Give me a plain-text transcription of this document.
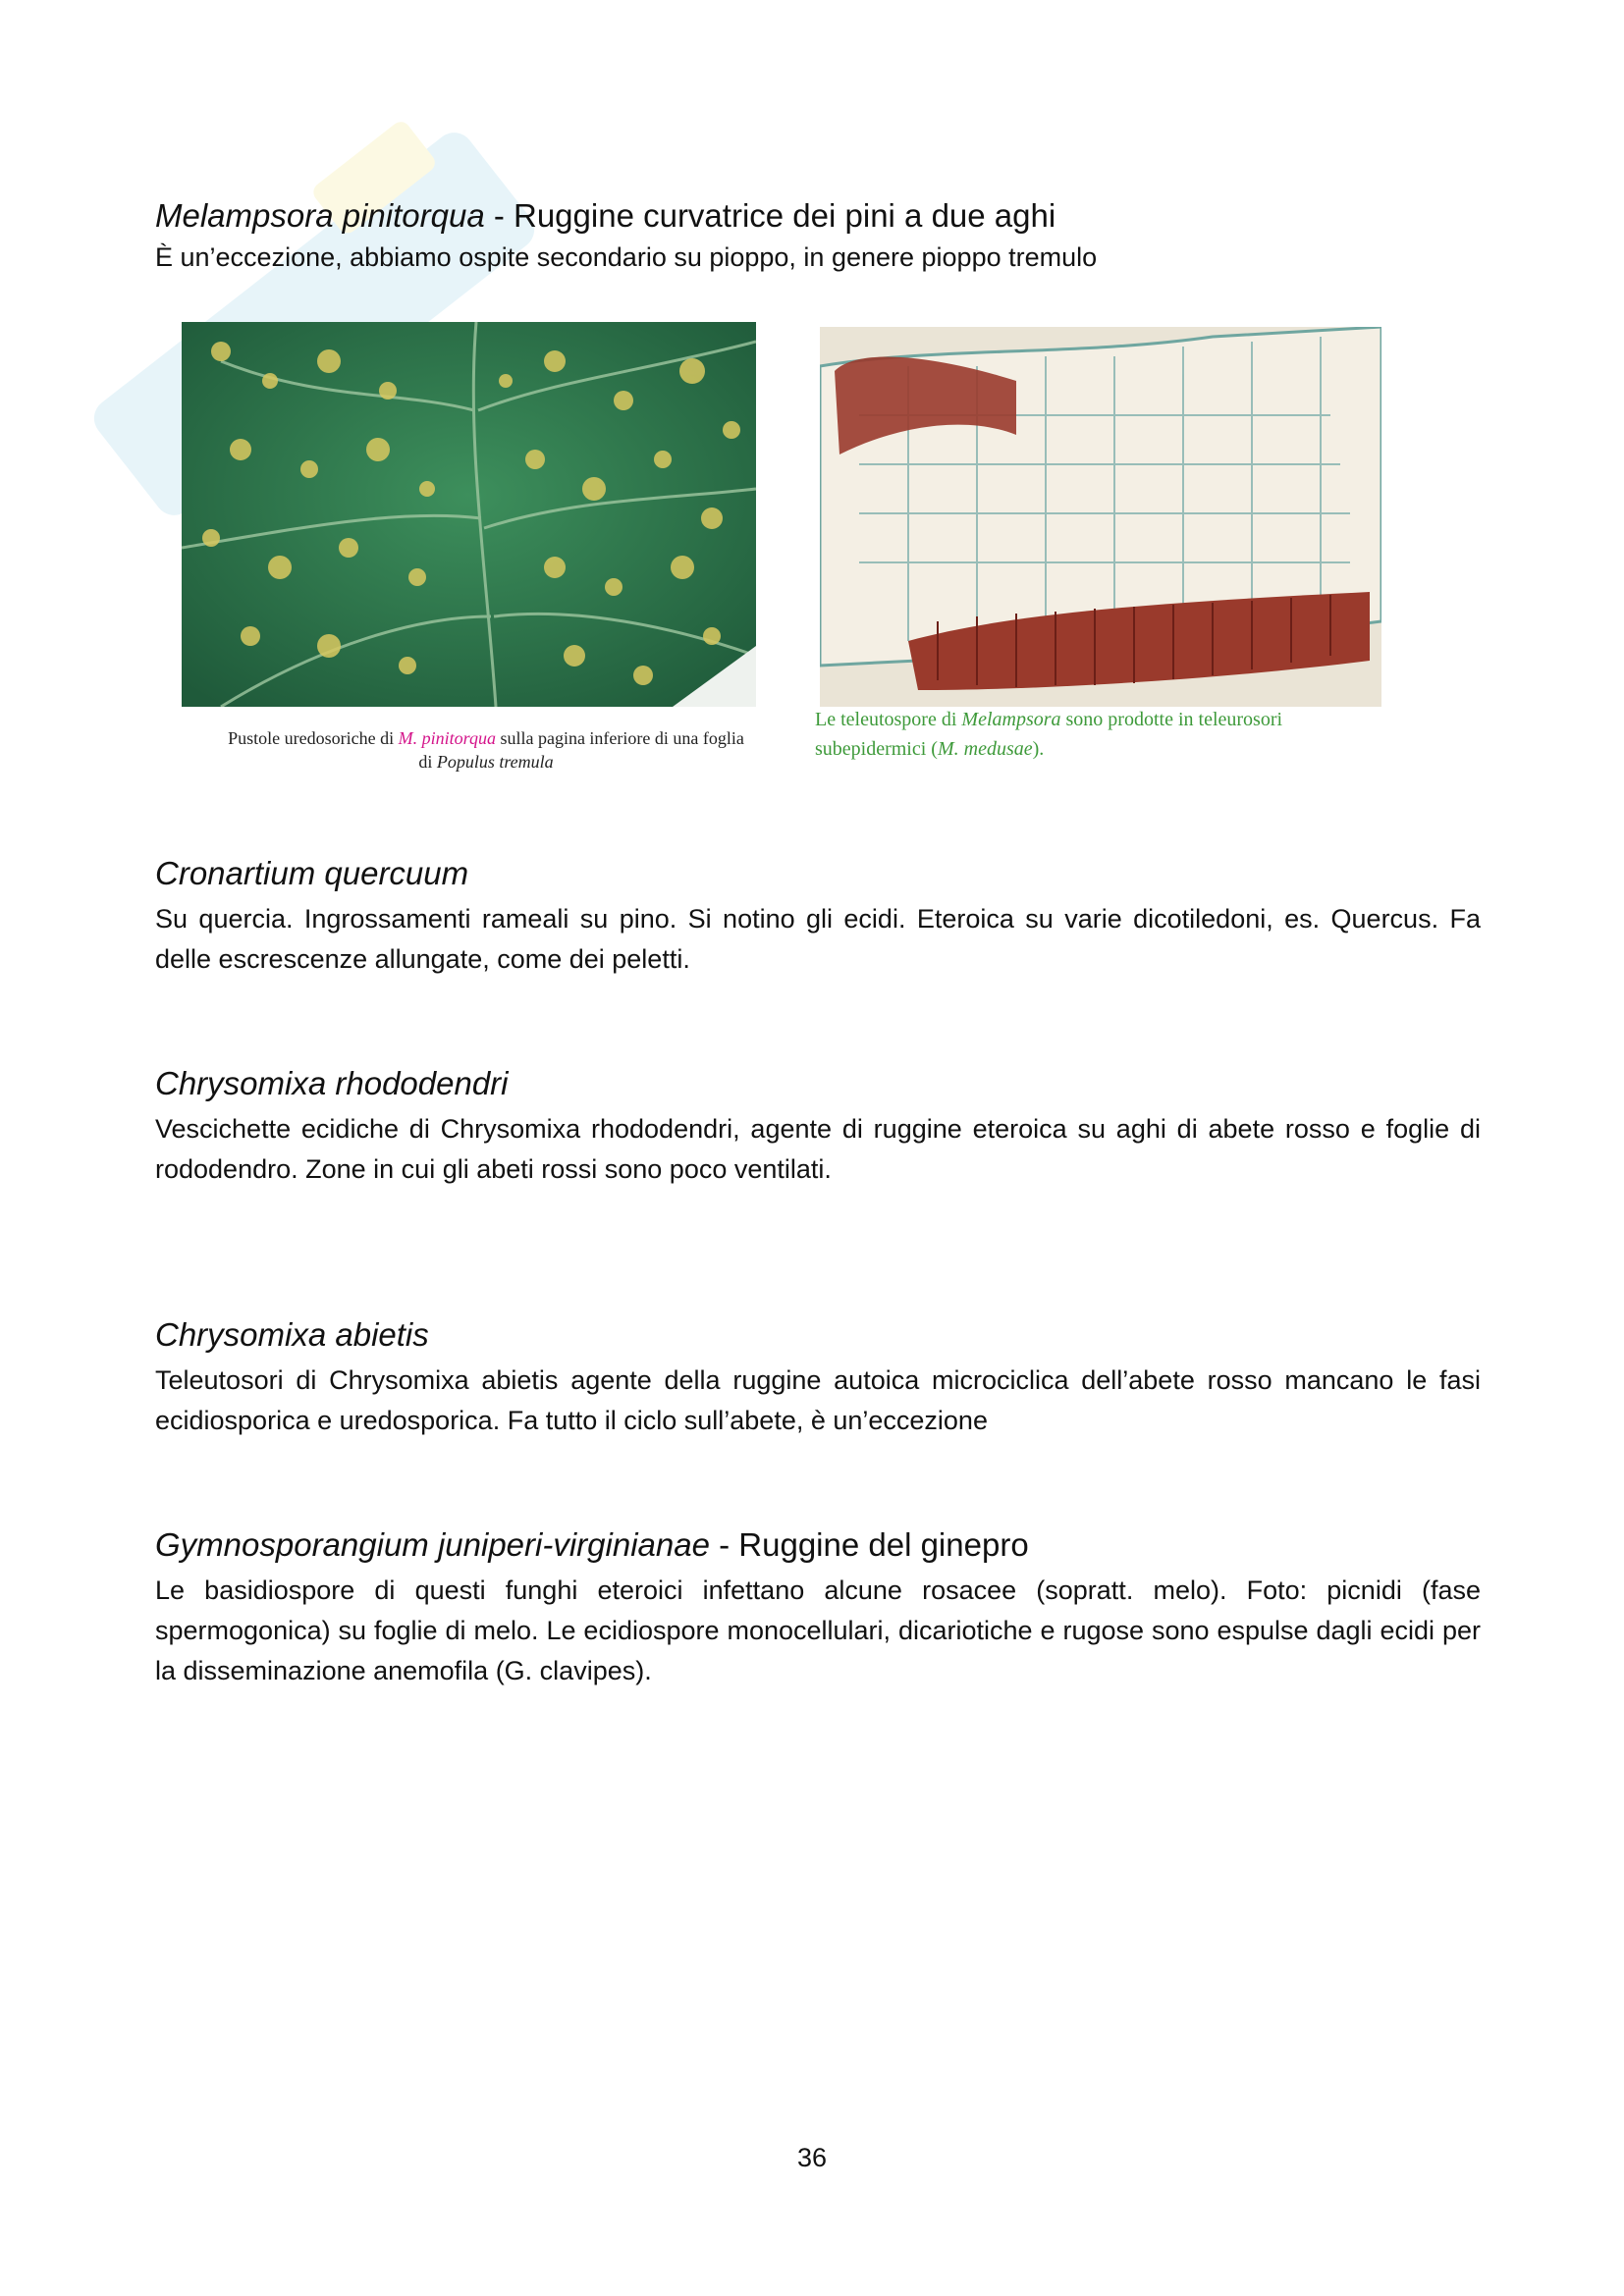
Melampsora pinitorqua - Ruggine curvatrice dei pini a due aghi

È un’eccezione, abbiamo ospite secondario su pioppo, in genere pioppo tremulo

Pustole uredosoriche di M. pinitorqua sulla pagina inferiore di una foglia
di Populus tremula
Le teleutospore di Melampsora sono prodotte in teleurosori
subepidermici (M. medusae).
Cronartium quercuum

Su quercia. Ingrossamenti rameali su pino. Si notino gli ecidi. Eteroica su varie dicotiledoni, es. Quercus. Fa delle escrescenze allungate, come dei peletti.

Chrysomixa rhododendri

Vescichette ecidiche di Chrysomixa rhododendri, agente di ruggine eteroica su aghi di abete rosso e foglie di rododendro. Zone in cui gli abeti rossi sono poco ventilati.

Chrysomixa abietis

Teleutosori di Chrysomixa abietis agente della ruggine autoica microciclica dell’abete rosso mancano le fasi ecidiosporica e uredosporica. Fa tutto il ciclo sull’abete, è un’eccezione

Gymnosporangium juniperi-virginianae - Ruggine del ginepro

Le basidiospore di questi funghi eteroici infettano alcune rosacee (sopratt. melo). Foto: picnidi (fase spermogonica) su foglie di melo. Le ecidiospore monocellulari, dicariotiche e rugose sono espulse dagli ecidi per la disseminazione anemofila (G. clavipes).

36
